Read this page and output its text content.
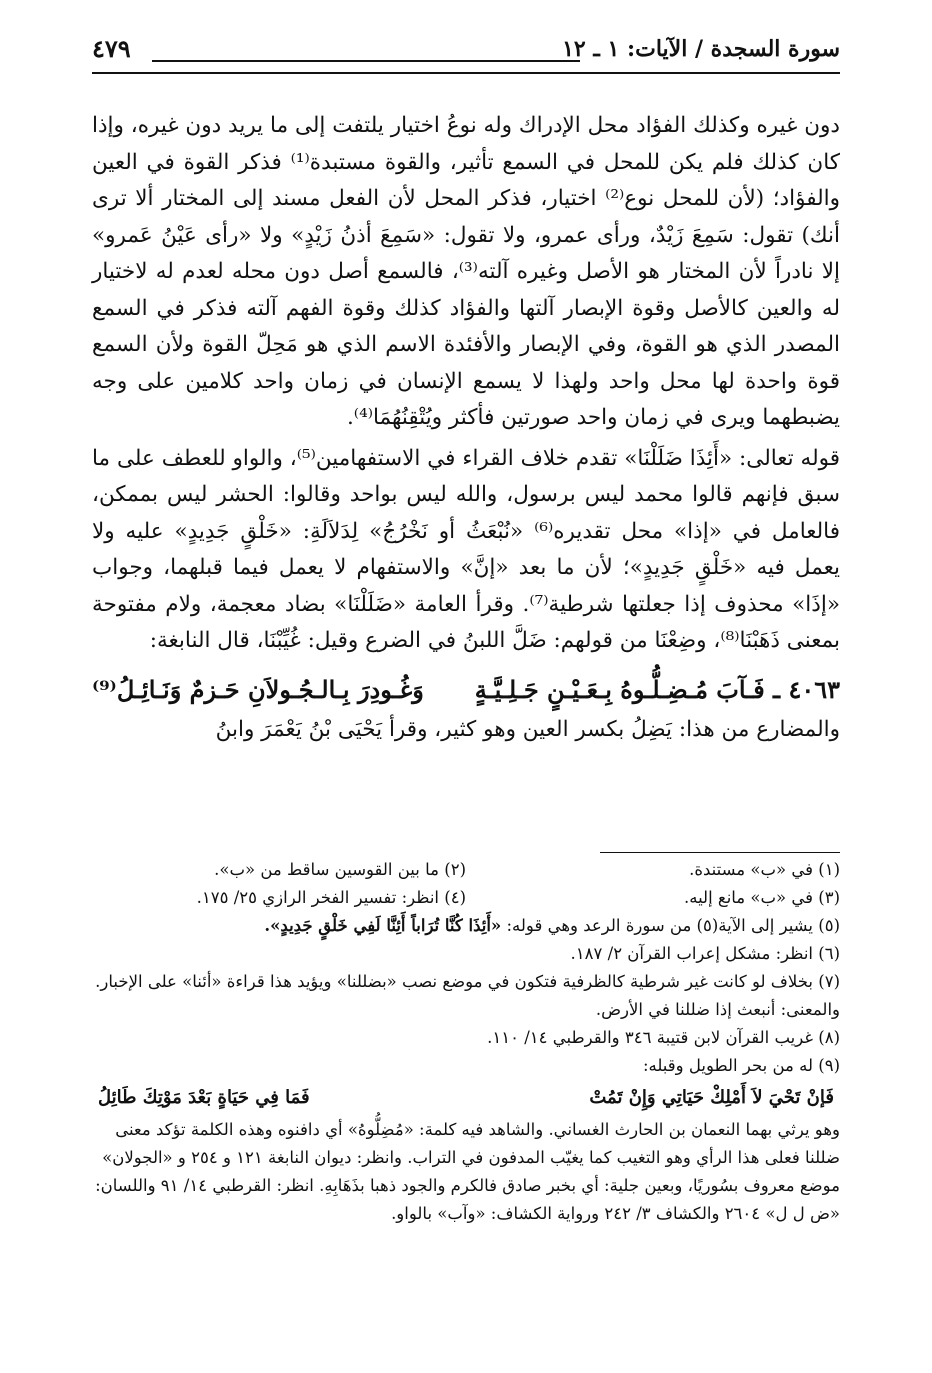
سورة السجدة / الآيات: ١ ـ ١٢
٤٧٩

دون غيره وكذلك الفؤاد محل الإدراك وله نوعُ اختيار يلتفت إلى ما يريد دون غيره، وإذا كان كذلك فلم يكن للمحل في السمع تأثير، والقوة مستبدة⁽¹⁾ فذكر القوة في العين والفؤاد؛ (لأن للمحل نوع⁽²⁾ اختيار، فذكر المحل لأن الفعل مسند إلى المختار ألا ترى أنك) تقول: سَمِعَ زَيْدٌ، ورأى عمرو، ولا تقول: «سَمِعَ أذنُ زَيْدٍ» ولا «رأى عَيْنُ عَمرو» إلا نادراً لأن المختار هو الأصل وغيره آلته⁽³⁾، فالسمع أصل دون محله لعدم له لاختيار له والعين كالأصل وقوة الإبصار آلتها والفؤاد كذلك وقوة الفهم آلته فذكر في السمع المصدر الذي هو القوة، وفي الإبصار والأفئدة الاسم الذي هو مَحِلّ القوة ولأن السمع قوة واحدة لها محل واحد ولهذا لا يسمع الإنسان في زمان واحد كلامين على وجه يضبطهما ويرى في زمان واحد صورتين فأكثر ويُتْقِنُهُمَا⁽⁴⁾.

قوله تعالى: «أَئِذَا ضَلَلْنَا» تقدم خلاف القراء في الاستفهامين⁽⁵⁾، والواو للعطف على ما سبق فإنهم قالوا محمد ليس برسول، والله ليس بواحد وقالوا: الحشر ليس بممكن، فالعامل في «إذا» محل تقديره⁽⁶⁾ «نُبْعَثُ أو نَخْرُجُ» لِدَلاَلَةِ: «خَلْقٍ جَدِيدٍ» عليه ولا يعمل فيه «خَلْقٍ جَدِيدٍ»؛ لأن ما بعد «إنَّ» والاستفهام لا يعمل فيما قبلهما، وجواب «إذَا» محذوف إذا جعلتها شرطية⁽⁷⁾. وقرأ العامة «ضَلَلْنَا» بضاد معجمة، ولام مفتوحة بمعنى ذَهَبْنَا⁽⁸⁾، وضِعْنَا من قولهم: ضَلَّ اللبنُ في الضرع وقيل: غُيِّبْنَا، قال النابغة:

٤٠٦٣ ـ فَـآبَ مُـضِـلُّـوهُ بِـعَـيْـنٍ جَـلِـيَّـةٍ
وَغُـودِرَ بِـالـجُـولاَنِ حَـزمٌ وَنَـائِـلُ⁽⁹⁾

والمضارع من هذا: يَضِلُ بكسر العين وهو كثير، وقرأ يَحْيَى بْنُ يَعْمَرَ وابنُ

(١) في «ب» مستندة.
(٢) ما بين القوسين ساقط من «ب».
(٣) في «ب» مانع إليه.
(٤) انظر: تفسير الفخر الرازي ٢٥/ ١٧٥.
(٥) يشير إلى الآية(٥) من سورة الرعد وهي قوله: «أَئِذَا كُنَّا تُرَاباً أَئِنَّا لَفِي خَلْقٍ جَدِيدٍ».
(٦) انظر: مشكل إعراب القرآن ٢/ ١٨٧.
(٧) بخلاف لو كانت غير شرطية كالظرفية فتكون في موضع نصب «بضللنا» ويؤيد هذا قراءة «أئنا» على الإخبار. والمعنى: أنبعث إذا ضللنا في الأرض.
(٨) غريب القرآن لابن قتيبة ٣٤٦ والقرطبي ١٤/ ١١٠.
(٩) له من بحر الطويل وقبله:
فَإنْ تَحْيَ لاَ أَمْلِكْ حَيَاتِي وَإِنْ تَمُتْ
فَمَا فِي حَيَاةٍ بَعْدَ مَوْتِكَ طَائِلُ
وهو يرثي بهما النعمان بن الحارث الغساني. والشاهد فيه كلمة: «مُضِلُّوهُ» أي دافنوه وهذه الكلمة تؤكد معنى ضللنا فعلى هذا الرأي وهو التغيب كما يغيّب المدفون في التراب. وانظر: ديوان النابغة ١٢١ و ٢٥٤ و «الجولان» موضع معروف بسُوريًا، وبعين جلية: أي بخبر صادق فالكرم والجود ذهبا بذَهَابِهِ. انظر: القرطبي ١٤/ ٩١ واللسان: «ض ل ل» ٢٦٠٤ والكشاف ٣/ ٢٤٢ ورواية الكشاف: «وآب» بالواو.
